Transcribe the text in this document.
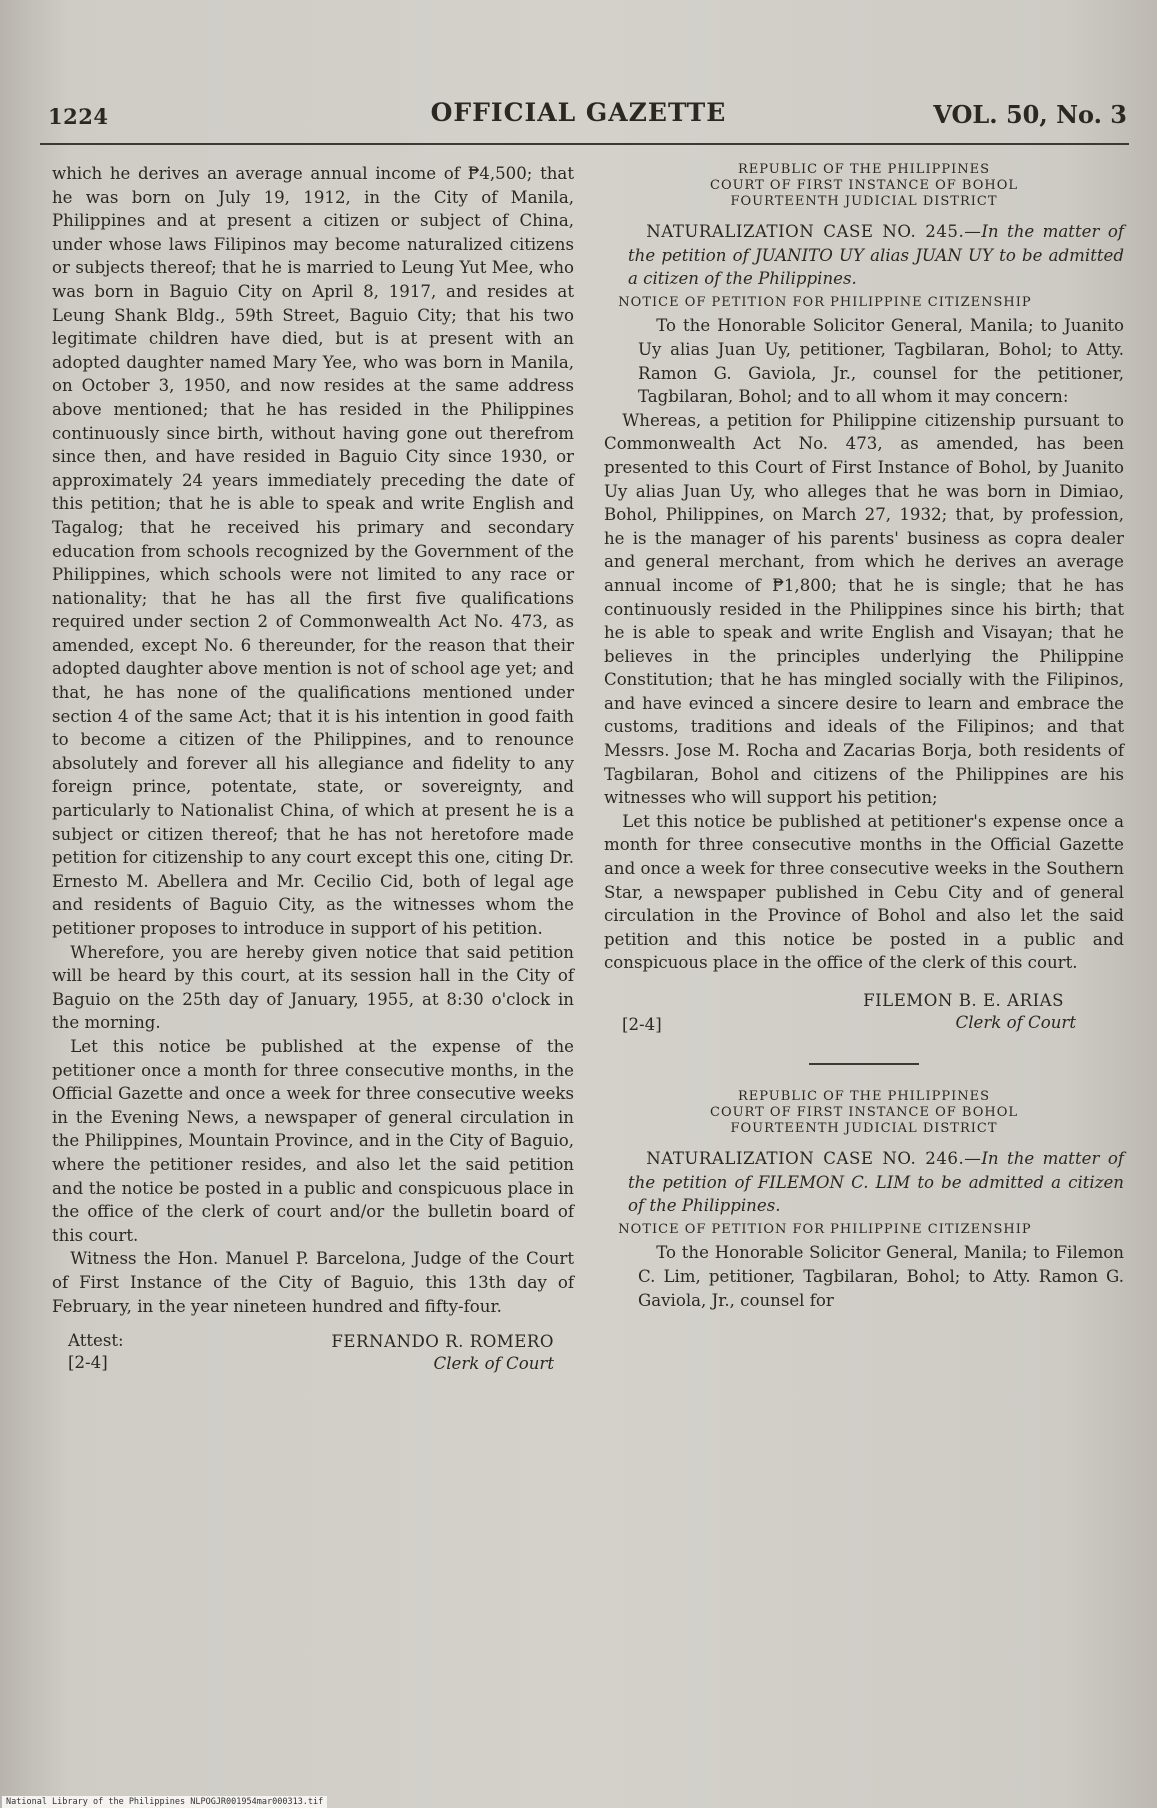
1224	OFFICIAL GAZETTE	VOL. 50, No. 3

which he derives an average annual income of ₱4,500; that he was born on July 19, 1912, in the City of Manila, Philippines and at present a citizen or subject of China, under whose laws Filipinos may become naturalized citizens or subjects thereof; that he is married to Leung Yut Mee, who was born in Baguio City on April 8, 1917, and resides at Leung Shank Bldg., 59th Street, Baguio City; that his two legitimate children have died, but is at present with an adopted daughter named Mary Yee, who was born in Manila, on October 3, 1950, and now resides at the same address above mentioned; that he has resided in the Philippines continuously since birth, without having gone out therefrom since then, and have resided in Baguio City since 1930, or approximately 24 years immediately preceding the date of this petition; that he is able to speak and write English and Tagalog; that he received his primary and secondary education from schools recognized by the Government of the Philippines, which schools were not limited to any race or nationality; that he has all the first five qualifications required under section 2 of Commonwealth Act No. 473, as amended, except No. 6 thereunder, for the reason that their adopted daughter above mention is not of school age yet; and that, he has none of the qualifications mentioned under section 4 of the same Act; that it is his intention in good faith to become a citizen of the Philippines, and to renounce absolutely and forever all his allegiance and fidelity to any foreign prince, potentate, state, or sovereignty, and particularly to Nationalist China, of which at present he is a subject or citizen thereof; that he has not heretofore made petition for citizenship to any court except this one, citing Dr. Ernesto M. Abellera and Mr. Cecilio Cid, both of legal age and residents of Baguio City, as the witnesses whom the petitioner proposes to introduce in support of his petition.

Wherefore, you are hereby given notice that said petition will be heard by this court, at its session hall in the City of Baguio on the 25th day of January, 1955, at 8:30 o'clock in the morning.

Let this notice be published at the expense of the petitioner once a month for three consecutive months, in the Official Gazette and once a week for three consecutive weeks in the Evening News, a newspaper of general circulation in the Philippines, Mountain Province, and in the City of Baguio, where the petitioner resides, and also let the said petition and the notice be posted in a public and conspicuous place in the office of the clerk of court and/or the bulletin board of this court.

Witness the Hon. Manuel P. Barcelona, Judge of the Court of First Instance of the City of Baguio, this 13th day of February, in the year nineteen hundred and fifty-four.

Attest:
[2-4]
FERNANDO R. ROMERO
Clerk of Court
REPUBLIC OF THE PHILIPPINES
COURT OF FIRST INSTANCE OF BOHOL
FOURTEENTH JUDICIAL DISTRICT

NATURALIZATION CASE NO. 245.—In the matter of the petition of JUANITO UY alias JUAN UY to be admitted a citizen of the Philippines.

NOTICE OF PETITION FOR PHILIPPINE CITIZENSHIP

To the Honorable Solicitor General, Manila; to Juanito Uy alias Juan Uy, petitioner, Tagbilaran, Bohol; to Atty. Ramon G. Gaviola, Jr., counsel for the petitioner, Tagbilaran, Bohol; and to all whom it may concern:

Whereas, a petition for Philippine citizenship pursuant to Commonwealth Act No. 473, as amended, has been presented to this Court of First Instance of Bohol, by Juanito Uy alias Juan Uy, who alleges that he was born in Dimiao, Bohol, Philippines, on March 27, 1932; that, by profession, he is the manager of his parents' business as copra dealer and general merchant, from which he derives an average annual income of ₱1,800; that he is single; that he has continuously resided in the Philippines since his birth; that he is able to speak and write English and Visayan; that he believes in the principles underlying the Philippine Constitution; that he has mingled socially with the Filipinos, and have evinced a sincere desire to learn and embrace the customs, traditions and ideals of the Filipinos; and that Messrs. Jose M. Rocha and Zacarias Borja, both residents of Tagbilaran, Bohol and citizens of the Philippines are his witnesses who will support his petition;

Let this notice be published at petitioner's expense once a month for three consecutive months in the Official Gazette and once a week for three consecutive weeks in the Southern Star, a newspaper published in Cebu City and of general circulation in the Province of Bohol and also let the said petition and this notice be posted in a public and conspicuous place in the office of the clerk of this court.

FILEMON B. E. ARIAS
[2-4]	Clerk of Court
REPUBLIC OF THE PHILIPPINES
COURT OF FIRST INSTANCE OF BOHOL
FOURTEENTH JUDICIAL DISTRICT

NATURALIZATION CASE NO. 246.—In the matter of the petition of FILEMON C. LIM to be admitted a citizen of the Philippines.

NOTICE OF PETITION FOR PHILIPPINE CITIZENSHIP

To the Honorable Solicitor General, Manila; to Filemon C. Lim, petitioner, Tagbilaran, Bohol; to Atty. Ramon G. Gaviola, Jr., counsel for

National Library of the Philippines NLPOGJR001954mar000313.tif
